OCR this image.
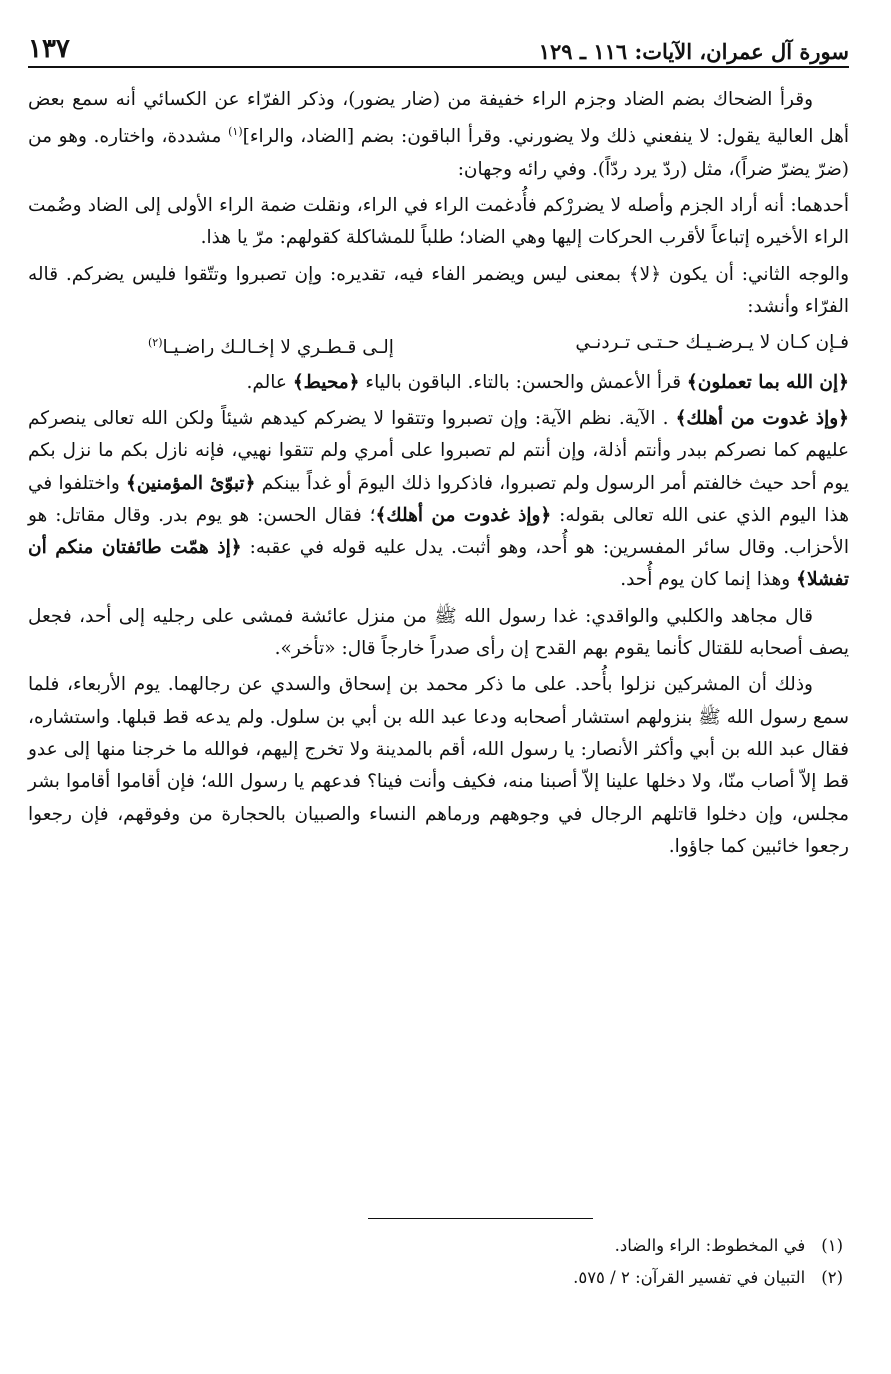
سورة آل عمران، الآيات: ١١٦ ـ ١٢٩
١٣٧

وقرأ الضحاك بضم الضاد وجزم الراء خفيفة من (ضار يضور)، وذكر الفرّاء عن الكسائي أنه سمع بعض أهل العالية يقول: لا ينفعني ذلك ولا يضورني. وقرأ الباقون: بضم [الضاد، والراء]$^{(١)}$ مشددة، واختاره. وهو من (ضرّ يضرّ ضراً)، مثل (ردّ يرد ردّاً). وفي رائه وجهان:

أحدهما: أنه أراد الجزم وأصله لا يضررْكم فأُدغمت الراء في الراء، ونقلت ضمة الراء الأولى إلى الضاد وضُمت الراء الأخيره إتباعاً لأقرب الحركات إليها وهي الضاد؛ طلباً للمشاكلة كقولهم: مرّ يا هذا.

والوجه الثاني: أن يكون ﴿لا﴾ بمعنى ليس ويضمر الفاء فيه، تقديره: وإن تصبروا وتتّقوا فليس يضركم. قاله الفرّاء وأنشد:

فـإن كـان لا يـرضـيـك حـتـى تـردنـي
إلـى قـطـري لا إخـالـك راضـيـا$^{(٢)}$

﴿إن الله بما تعملون﴾ قرأ الأعمش والحسن: بالتاء. الباقون بالياء ﴿محيط﴾ عالم.

﴿وإذ غدوت من أهلك﴾ . الآية. نظم الآية: وإن تصبروا وتتقوا لا يضركم كيدهم شيئاً ولكن الله تعالى ينصركم عليهم كما نصركم ببدر وأنتم أذلة، وإن أنتم لم تصبروا على أمري ولم تتقوا نهيي، فإنه نازل بكم ما نزل بكم يوم أحد حيث خالفتم أمر الرسول ولم تصبروا، فاذكروا ذلك اليومَ أو غداً بينكم ﴿تبوّئ المؤمنين﴾ واختلفوا في هذا اليوم الذي عنى الله تعالى بقوله: ﴿وإذ غدوت من أهلك﴾؛ فقال الحسن: هو يوم بدر. وقال مقاتل: هو الأحزاب. وقال سائر المفسرين: هو أُحد، وهو أثبت. يدل عليه قوله في عقبه: ﴿إذ همّت طائفتان منكم أن تفشلا﴾ وهذا إنما كان يوم أُحد.

قال مجاهد والكلبي والواقدي: غدا رسول الله ﷺ من منزل عائشة فمشى على رجليه إلى أحد، فجعل يصف أصحابه للقتال كأنما يقوم بهم القدح إن رأى صدراً خارجاً قال: «تأخر».

وذلك أن المشركين نزلوا بأُحد. على ما ذكر محمد بن إسحاق والسدي عن رجالهما. يوم الأربعاء، فلما سمع رسول الله ﷺ بنزولهم استشار أصحابه ودعا عبد الله بن أبي بن سلول. ولم يدعه قط قبلها. واستشاره، فقال عبد الله بن أبي وأكثر الأنصار: يا رسول الله، أقم بالمدينة ولا تخرج إليهم، فوالله ما خرجنا منها إلى عدو قط إلاّ أصاب منّا، ولا دخلها علينا إلاّ أصبنا منه، فكيف وأنت فينا؟ فدعهم يا رسول الله؛ فإن أقاموا أقاموا بشر مجلس، وإن دخلوا قاتلهم الرجال في وجوههم ورماهم النساء والصبيان بالحجارة من وفوقهم، فإن رجعوا رجعوا خائبين كما جاؤوا.

(١)
في المخطوط: الراء والضاد.
(٢)
التبيان في تفسير القرآن: ٢ / ٥٧٥.
